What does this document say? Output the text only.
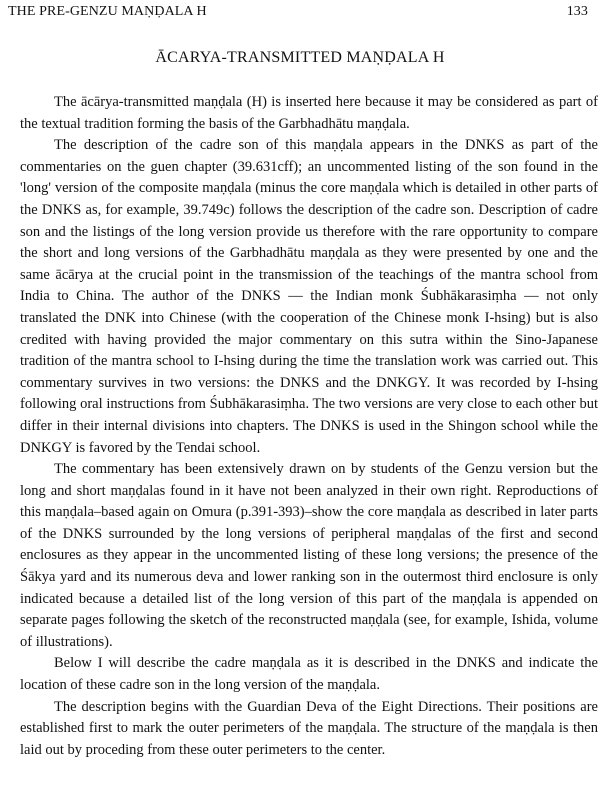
THE PRE-GENZU MAṆḌALA H	133
ĀCARYA-TRANSMITTED MAṆḌALA H

The ācārya-transmitted maṇḍala (H) is inserted here because it may be considered as part of the textual tradition forming the basis of the Garbhadhātu maṇḍala.

The description of the cadre son of this maṇḍala appears in the DNKS as part of the commentaries on the guen chapter (39.631cff); an uncommented listing of the son found in the 'long' version of the composite maṇḍala (minus the core maṇḍala which is detailed in other parts of the DNKS as, for example, 39.749c) follows the description of the cadre son. Description of cadre son and the listings of the long version provide us therefore with the rare opportunity to compare the short and long versions of the Garbhadhātu maṇḍala as they were presented by one and the same ācārya at the crucial point in the transmission of the teachings of the mantra school from India to China. The author of the DNKS — the Indian monk Śubhākarasiṃha — not only translated the DNK into Chinese (with the cooperation of the Chinese monk I-hsing) but is also credited with having provided the major commentary on this sutra within the Sino-Japanese tradition of the mantra school to I-hsing during the time the translation work was carried out. This commentary survives in two versions: the DNKS and the DNKGY. It was recorded by I-hsing following oral instructions from Śubhākarasiṃha. The two versions are very close to each other but differ in their internal divisions into chapters. The DNKS is used in the Shingon school while the DNKGY is favored by the Tendai school.

The commentary has been extensively drawn on by students of the Genzu version but the long and short maṇḍalas found in it have not been analyzed in their own right. Reproductions of this maṇḍala–based again on Omura (p.391-393)–show the core maṇḍala as described in later parts of the DNKS surrounded by the long versions of peripheral maṇḍalas of the first and second enclosures as they appear in the uncommented listing of these long versions; the presence of the Śākya yard and its numerous deva and lower ranking son in the outermost third enclosure is only indicated because a detailed list of the long version of this part of the maṇḍala is appended on separate pages following the sketch of the reconstructed maṇḍala (see, for example, Ishida, volume of illustrations).

Below I will describe the cadre maṇḍala as it is described in the DNKS and indicate the location of these cadre son in the long version of the maṇḍala.

The description begins with the Guardian Deva of the Eight Directions. Their positions are established first to mark the outer perimeters of the maṇḍala. The structure of the maṇḍala is then laid out by proceding from these outer perimeters to the center.
